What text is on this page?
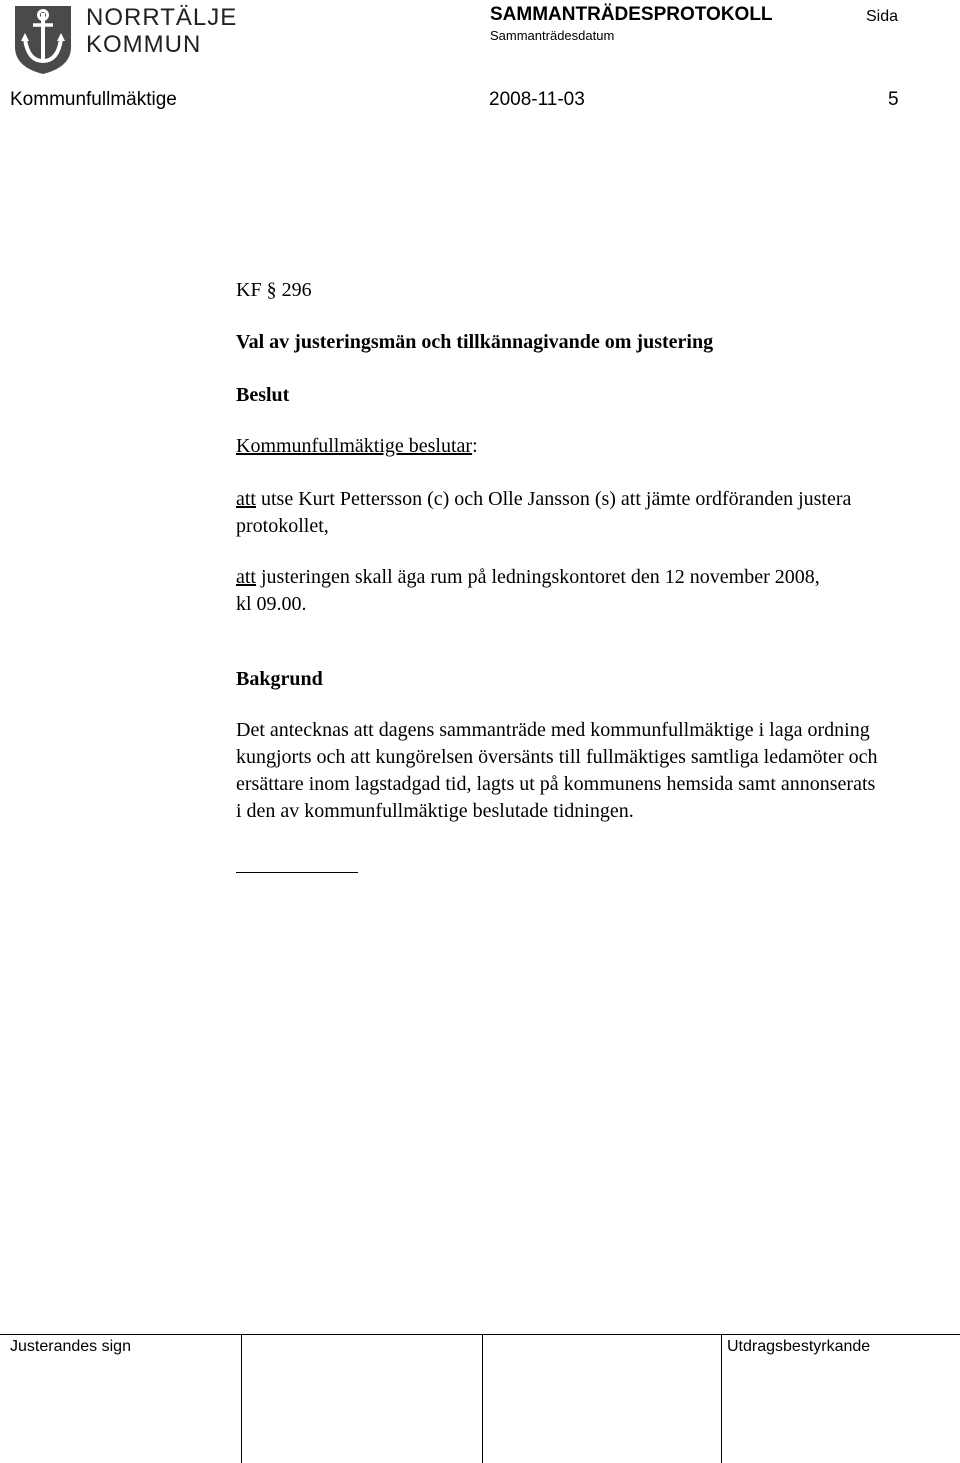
NORRTÄLJE
KOMMUN
SAMMANTRÄDESPROTOKOLL
Sammanträdesdatum
Sida
Kommunfullmäktige	2008-11-03	5
KF § 296
Val av justeringsmän och tillkännagivande om justering
Beslut
Kommunfullmäktige beslutar:
att utse Kurt Pettersson (c) och Olle Jansson (s) att jämte ordföranden justera
protokollet,
att justeringen skall äga rum på ledningskontoret den 12 november 2008,
kl 09.00.
Bakgrund
Det antecknas att dagens sammanträde med kommunfullmäktige i laga ordning
kungjorts och att kungörelsen översänts till fullmäktiges samtliga ledamöter och
ersättare inom lagstadgad tid, lagts ut på kommunens hemsida samt annonserats
i den av kommunfullmäktige beslutade tidningen.
Justerandes sign	Utdragsbestyrkande
